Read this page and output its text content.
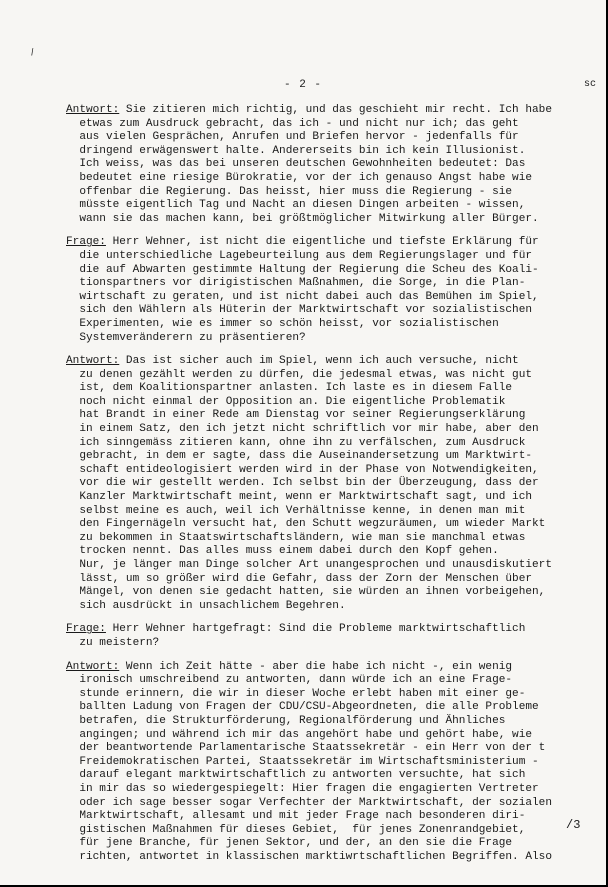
/
- 2 -	sc
Antwort: Sie zitieren mich richtig, und das geschieht mir recht. Ich habe
etwas zum Ausdruck gebracht, das ich - und nicht nur ich; das geht
aus vielen Gesprächen, Anrufen und Briefen hervor - jedenfalls für
dringend erwägenswert halte. Andererseits bin ich kein Illusionist.
Ich weiss, was das bei unseren deutschen Gewohnheiten bedeutet: Das
bedeutet eine riesige Bürokratie, vor der ich genauso Angst habe wie
offenbar die Regierung. Das heisst, hier muss die Regierung - sie
müsste eigentlich Tag und Nacht an diesen Dingen arbeiten - wissen,
wann sie das machen kann, bei größtmöglicher Mitwirkung aller Bürger.
Frage: Herr Wehner, ist nicht die eigentliche und tiefste Erklärung für
die unterschiedliche Lagebeurteilung aus dem Regierungslager und für
die auf Abwarten gestimmte Haltung der Regierung die Scheu des Koali-
tionspartners vor dirigistischen Maßnahmen, die Sorge, in die Plan-
wirtschaft zu geraten, und ist nicht dabei auch das Bemühen im Spiel,
sich den Wählern als Hüterin der Marktwirtschaft vor sozialistischen
Experimenten, wie es immer so schön heisst, vor sozialistischen
Systemveränderern zu präsentieren?
Antwort: Das ist sicher auch im Spiel, wenn ich auch versuche, nicht
zu denen gezählt werden zu dürfen, die jedesmal etwas, was nicht gut
ist, dem Koalitionspartner anlasten. Ich laste es in diesem Falle
noch nicht einmal der Opposition an. Die eigentliche Problematik
hat Brandt in einer Rede am Dienstag vor seiner Regierungserklärung
in einem Satz, den ich jetzt nicht schriftlich vor mir habe, aber den
ich sinngemäss zitieren kann, ohne ihn zu verfälschen, zum Ausdruck
gebracht, in dem er sagte, dass die Auseinandersetzung um Marktwirt-
schaft entideologisiert werden wird in der Phase von Notwendigkeiten,
vor die wir gestellt werden. Ich selbst bin der Überzeugung, dass der
Kanzler Marktwirtschaft meint, wenn er Marktwirtschaft sagt, und ich
selbst meine es auch, weil ich Verhältnisse kenne, in denen man mit
den Fingernägeln versucht hat, den Schutt wegzuräumen, um wieder Markt
zu bekommen in Staatswirtschaftsländern, wie man sie manchmal etwas
trocken nennt. Das alles muss einem dabei durch den Kopf gehen.
Nur, je länger man Dinge solcher Art unangesprochen und unausdiskutiert
lässt, um so größer wird die Gefahr, dass der Zorn der Menschen über
Mängel, von denen sie gedacht hatten, sie würden an ihnen vorbeigehen,
sich ausdrückt in unsachlichem Begehren.
Frage: Herr Wehner hartgefragt: Sind die Probleme marktwirtschaftlich
zu meistern?
Antwort: Wenn ich Zeit hätte - aber die habe ich nicht -, ein wenig
ironisch umschreibend zu antworten, dann würde ich an eine Frage-
stunde erinnern, die wir in dieser Woche erlebt haben mit einer ge-
ballten Ladung von Fragen der CDU/CSU-Abgeordneten, die alle Probleme
betrafen, die Strukturförderung, Regionalförderung und Ähnliches
angingen; und während ich mir das angehört habe und gehört habe, wie
der beantwortende Parlamentarische Staatssekretär - ein Herr von der t
Freidemokratischen Partei, Staatssekretär im Wirtschaftsministerium -
darauf elegant marktwirtschaftlich zu antworten versuchte, hat sich
in mir das so wiedergespiegelt: Hier fragen die engagierten Vertreter
oder ich sage besser sogar Verfechter der Marktwirtschaft, der sozialen
Marktwirtschaft, allesamt und mit jeder Frage nach besonderen diri-
gistischen Maßnahmen für dieses Gebiet,  für jenes Zonenrandgebiet,
für jene Branche, für jenen Sektor, und der, an den sie die Frage
richten, antwortet in klassischen marktiwrtschaftlichen Begriffen. Also
/3
